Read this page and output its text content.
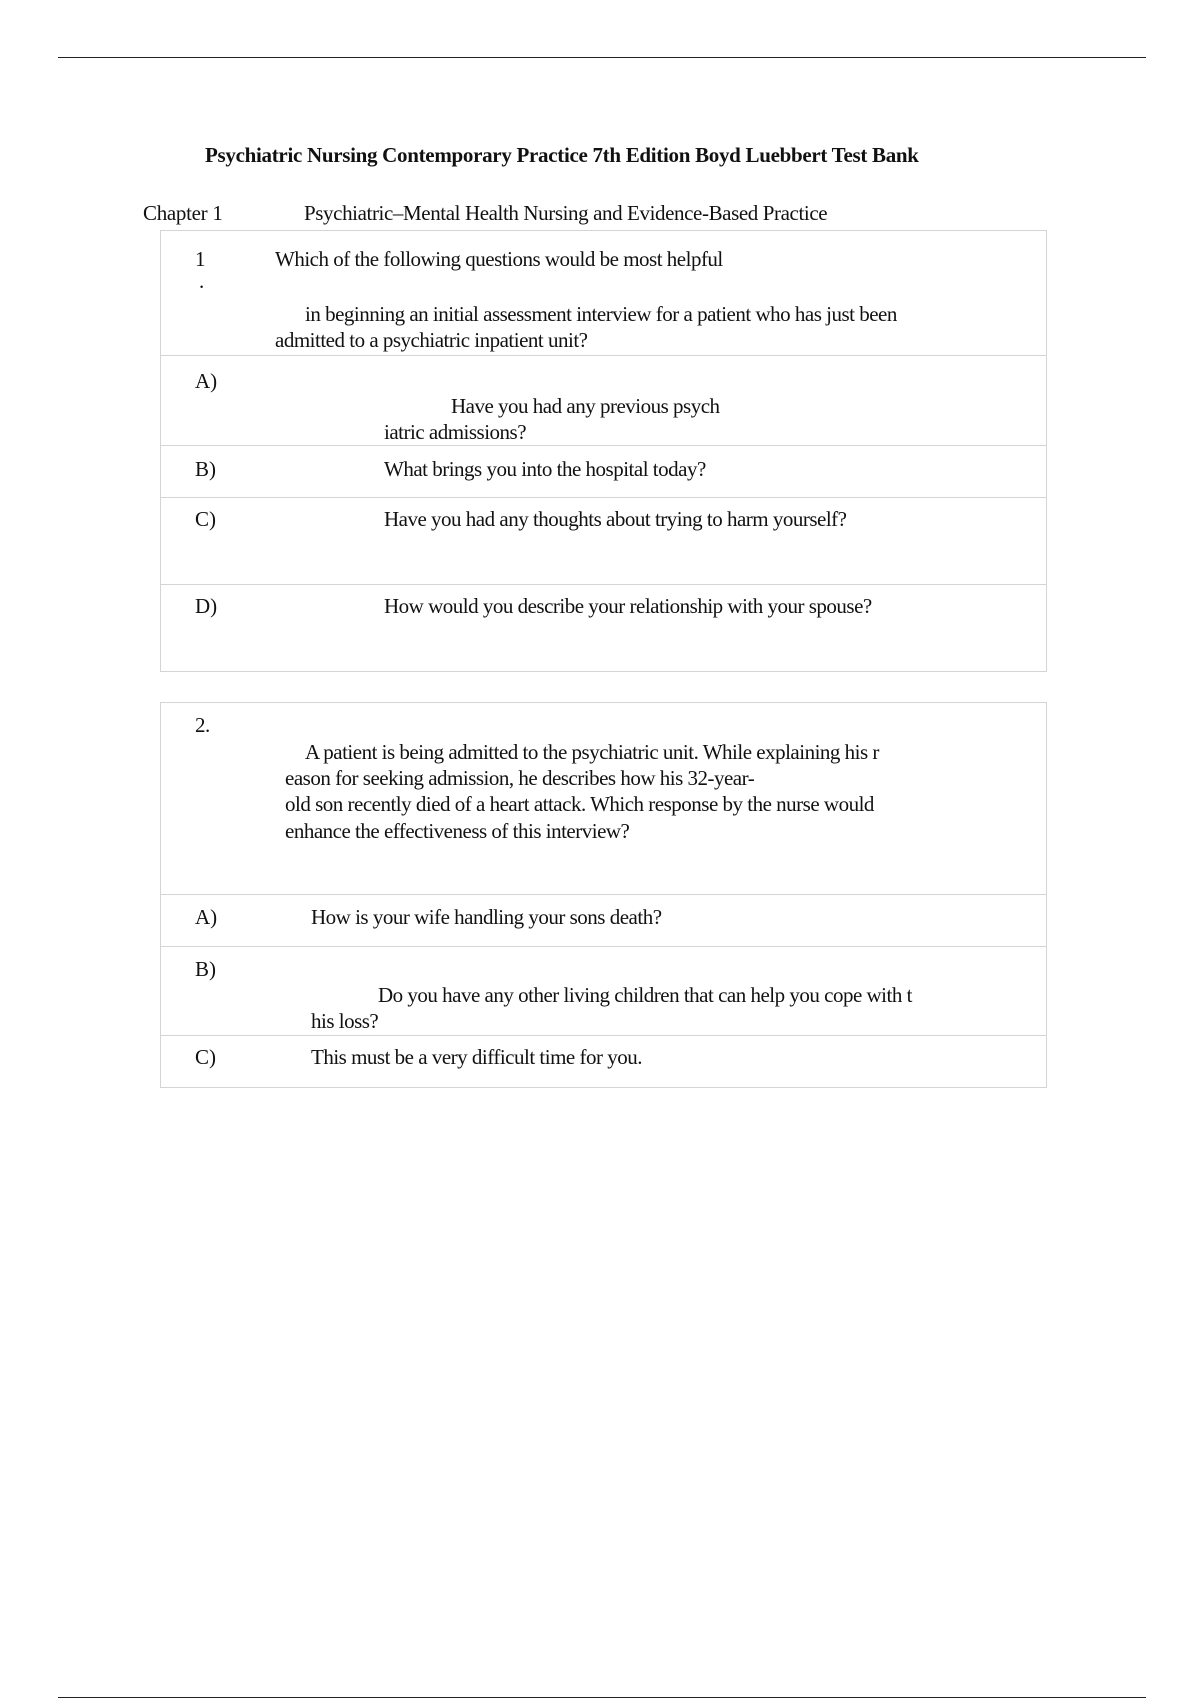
Psychiatric Nursing Contemporary Practice 7th Edition Boyd Luebbert Test Bank
Chapter 1	Psychiatric–Mental Health Nursing and Evidence-Based Practice
1
.
Which of the following questions would be most helpful
in beginning an initial assessment interview for a patient who has just been
admitted to a psychiatric inpatient unit?
A)
Have you had any previous psych
iatric admissions?
B)	What brings you into the hospital today?
C)	Have you had any thoughts about trying to harm yourself?
D)	How would you describe your relationship with your spouse?
2.
A patient is being admitted to the psychiatric unit. While explaining his r
eason for seeking admission, he describes how his 32-year-
old son recently died of a heart attack. Which response by the nurse would
enhance the effectiveness of this interview?
A)	How is your wife handling your sons death?
B)
Do you have any other living children that can help you cope with t
his loss?
C)	This must be a very difficult time for you.
